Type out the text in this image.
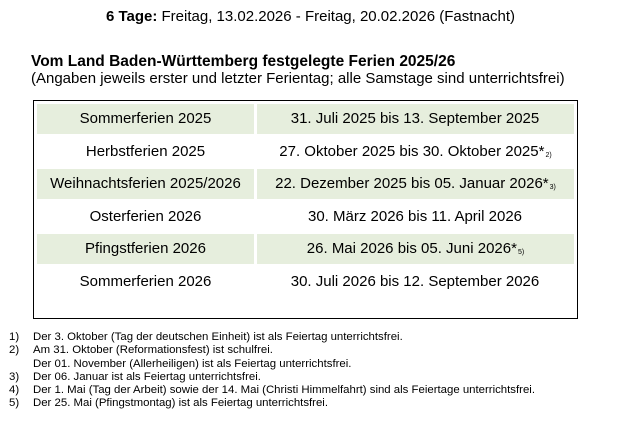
6 Tage: Freitag, 13.02.2026 - Freitag, 20.02.2026 (Fastnacht)
Vom Land Baden-Württemberg festgelegte Ferien 2025/26
(Angaben jeweils erster und letzter Ferientag; alle Samstage sind unterrichtsfrei)
Sommerferien 2025	31. Juli 2025 bis 13. September 2025
Herbstferien 2025	27. Oktober 2025 bis 30. Oktober 2025*$^{2)}$
Weihnachtsferien 2025/2026	22. Dezember 2025 bis 05. Januar 2026*$^{3)}$
Osterferien 2026	30. März 2026 bis 11. April 2026
Pfingstferien 2026	26. Mai 2026 bis 05. Juni 2026*$^{5)}$
Sommerferien 2026	30. Juli 2026 bis 12. September 2026
1) Der 3. Oktober (Tag der deutschen Einheit) ist als Feiertag unterrichtsfrei.
2) Am 31. Oktober (Reformationsfest) ist schulfrei.
Der 01. November (Allerheiligen) ist als Feiertag unterrichtsfrei.
3) Der 06. Januar ist als Feiertag unterrichtsfrei.
4) Der 1. Mai (Tag der Arbeit) sowie der 14. Mai (Christi Himmelfahrt) sind als Feiertage unterrichtsfrei.
5) Der 25. Mai (Pfingstmontag) ist als Feiertag unterrichtsfrei.
